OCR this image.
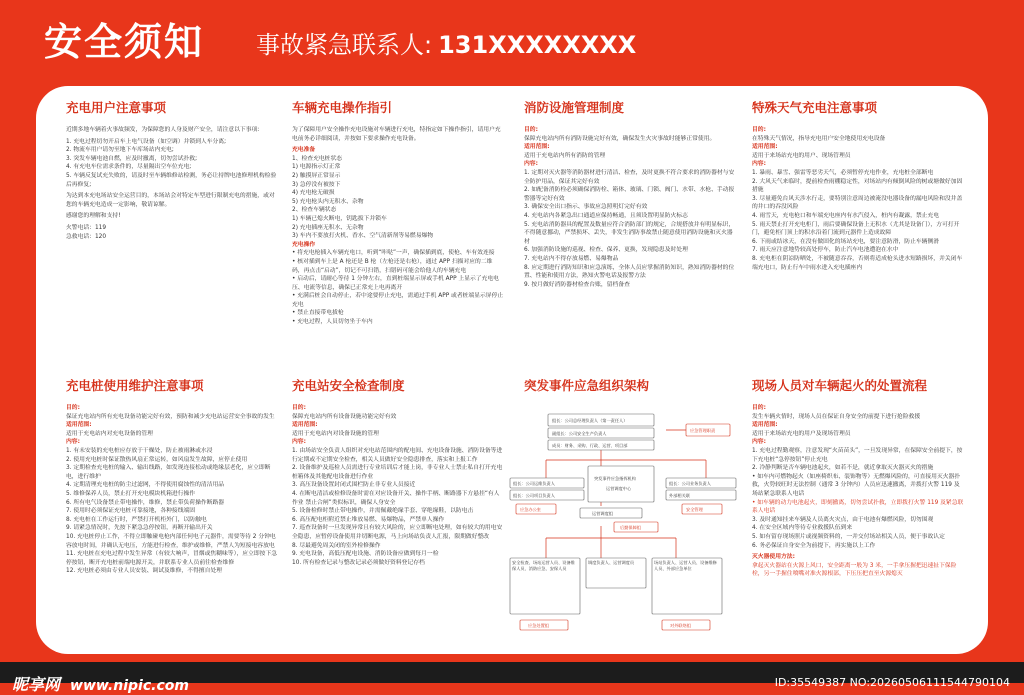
安全须知 事故紧急联系人: 131XXXXXXXX
充电用户注意事项

近期多地车辆着火事故频发，为保障您的人身及财产安全，请注意以下事项:

1. 充电过程切勿开启车上电气设备（如空调）并锁到人车分离;

2. 物流车用户请勿至地下车库场站内充电;

3. 突发车辆电池自燃，应及时撤离，切勿尝试扑救;

4. 有充电车位需求条件的，尽量隔出空车位充电;

5. 车辆反复试充失败的，请及时至车辆维修站检测，务必让持牌电池修理机构检验后再修复;

为达到本充电场站安全运营目的，本场站会对特定车型进行限制充电的措施，或对您的车辆充电造成一定影响，敬请谅解。

感谢您的理解和支持!

火警电话：119

急救电话：120

车辆充电操作指引

为了保障用户安全操作充电设施对车辆进行充电，特指定如下操作指引，请用户充电前务必详细阅读，并按如下要求操作充电设备。

充电准备

1、检查充电桩状态

1) 电源指示灯正常

2) 触摸屏正常显示

3) 急停没有被按下

4) 充电枪无破损

5) 充电枪头内无积水、杂物

2、检查车辆状态

1) 车辆已熄火断电，钥匙拔下并锁车

2) 充电插座无积水、无杂物

3) 车内不要放打火机、香水、空气清新剂等易燃易爆物

充电操作

• 将充电枪插入车辆充电口，听到“咔哒”一声，确保插到底，使枪、车有效连接

• 核对插到车上是 A 枪还是 B 枪（左枪还是右枪），通过 APP 扫描对应的二维码，再点击“启动”，切记不可扫错，扫错码可能会给他人的车辆充电

• 启动后，请耐心等待 1 分钟左右，直到桩端显示屏或手机 APP 上显示了充电电压、电流等信息，确保已正常充上电再离开

• 充满后桩会自动停止，若中途要停止充电，需通过手机 APP 或者桩端显示屏停止充电

• 禁止直接带电拔枪

• 充电过程，人员切勿坐于车内

消防设施管理制度

目的:

保障充电站内所有消防设施完好有效，确保发生火灾事故时能够正常使用。

适用范围:

适用于充电站内所有消防的管理

内容:

1. 定期对灭火器等消防器材进行清洁、检查，及时更换不符合要求的消防器材与安全防护用品，保证其完好有效

2. 如配备消防栓必须确保消防栓、箱体、玻璃、门锁、阀门、水带、水枪、手动报警器等完好有效

3. 确保安全出口指示、事故应急照明灯完好有效

4. 充电站内各紧急出口通道应保持畅通，且须设置明显防火标志

5. 充电站消防器具的配置及数量应符合消防部门的规定，合规搭放并有明显标识，不得随意挪动，严禁损坏、丢失，非发生消防事故禁止随意使用消防设施和灭火器材

6. 加强消防设施的巡视、检查、保养、更换，发现隐患及时处理

7. 充电站内不得存放易燃、易爆物品

8. 应定期进行消防知识和应急演练，全体人员应掌握消防知识，熟知消防器材的位置、性能和使用方法，熟知火警电话及报警方法

9. 按月做好消防器材检查台账，留档备查

特殊天气充电注意事项

目的:

在特殊天气情况，指导充电用户安全地使用充电设备

适用范围:

适用于来场站充电的用户、现场管理员

内容:

1. 暴雨、暴雪、强雷等恶劣天气，必须暂停充电作业，充电桩全部断电

2. 大风天气来临时，提前检查雨棚稳定性，对场站内有倾倒风险的树或塘做好加固措施

3. 尽量避免台风天涉水行走，要特别注意周边被淹没电器设备的漏电风险和没井盖的井口的吞没风险

4. 雨雪天，充电枪口和车端充电座内有水汽侵入，桩内有凝露，禁止充电

5. 雨天禁止打开充电柜门，雨后要确保设备上无积水（尤其是设备门），方可打开门，避免柜门顶上的积水沿着门流到元器件上造成故障

6. 下雨或结冰天，在没有做固化的场站充电，要注意防滑，防止车辆侧滑

7. 雨天应注意地势较高处停车，防止汽车电池遭泡在水中

8. 充电柜在阴凉防晒处，不被随意吞吞，否则将适成枪头进水短路损坏，并关闭车端充电口，防止行车中雨水进入充电插座内

充电桩使用维护注意事项

目的:

保证充电站内所有充电设备功能完好有效，预防和减少充电站运营安全事故的发生

适用范围:

适用于充电站内对充电设备的管理

内容:

1. 有未安装的充电桩应存放于干燥处，防止被雨淋或水浸

2. 使用充电桩时保证散热风扇正常运转，如风扇发生故障，应停止使用

3. 定期检查充电桩的输入、输出线路，如发现连接松动或绝缘层老化，应立即断电，进行维护

4. 定期清理充电桩的防尘过滤网，不得使用腐蚀性的清洁用品

5. 维修保养人员，禁止打开充电模块机箱进行操作

6. 所有电气设备禁止带电操作，维修，禁止带负荷操作断路器

7. 使用时必须保证充电桩可靠接地，各种接线端固

8. 充电桩在工作运行时，严禁打开机柜外门，以防触电

9. 请紧急情况时，先按下紧急急停按钮，再断开输出开关

10. 充电桩停止工作，不得立即触碰电枪内部任何电子元器件，需要等待 2 分钟电容放电时间，并确认无电压，方能进行检查，维护或维修，严禁人为短接电容放电

11. 充电桩在充电过程中发生异常（有较大响声，冒烟或焦糊味等），应立即按下急停按钮，断开充电桩前端电源开关，并联系专业人员前往检查维修

12. 充电桩必须由专业人员安装、调试及维修，不得擅自处理

充电站安全检查制度

目的:

保障充电站内所有设备设施功能完好有效

适用范围:

适用于充电站内对设备设施的管理

内容:

1. 由场站安全负责人组织对充电站范围内的配电间、充电设备设施、消防设备等进行定期或不定期安全检查，相关人员做好安全隐患排查，落实和上报工作

2. 设备维护及巡检人员需进行专业培训后才能上岗，非专业人士禁止私自打开充电桩箱体及其他配电设备进行作业

3. 高压设备设置封闭式围栏防止非专业人员接近

4. 在断电清洁或检修设备时需在对应设备开关、操作手柄、断路器下方悬挂“有人作业 禁止合闸”类似标识，确保人身安全

5. 设备检修时禁止带电操作，并需佩戴绝缘手套、穿绝缘鞋，以防电击

6. 高压配电柜附近禁止堆放易燃、易爆物品，严禁单人操作

7. 巡查设备时一旦发现异常且有较大风险的，应立即断电处理，如有较大的用电安全隐患，应暂停设备使用并切断电源，马上向场站负责人汇报，限期做好整改

8. 尽最避免周关闭的室外检修操作

9. 充电设备，高低压配电设施、消防设备应做到每月一检

10. 所有检查记录与整改记录必须做好资料登记存档

突发事件应急组织架构
组长：公司总经理负责人（第一责任人）
副组长：公司安全生产负责人
成员：财务、采购、行政、运营、项目部
应急管理职责
组长：公司运维负责人
组长：公司项目负责人
应急办公室
组长：公司业务负责人
外部相关联
安全管理
突发事件应急指挥机构
运营调度中心
运营调度组
后勤保障组
安全检查、场站运营人员、设备维保人员、消防应急、安保人员
调度负责人、运营调度员	场站负责人、运营人员、设备维修人员、外部应急单位
应急处置组	对外联络组
现场人员对车辆起火的处置流程

目的:

发生车辆火情时，现场人员在保证自身安全的前提下进行抢险救援

适用范围:

适用于来场站充电的用户及现场管理员

内容:

1. 充电过程勤观察，注意发现“火苗苗头”，一旦发现异常，在保障安全前提下，按下充电桩“急停按钮”停止充电

2. 冷静判断是否车辆电池起火，如若不是，就近拿取灭火器灭火的措施

• 如车内可燃物起火（如座椅织布、装饰物等）无燃爆风险的，可直接用灭火器扑救，火势较旺时无法控制（通常 3 分钟内）人员应迅速撤离，并拨打火警 119 及场站紧急联系人电话

• 如车辆的动力电池起火，即刻撤离，切勿尝试扑救，立即拨打火警 119 及紧急联系人电话

3. 及时通知挂来车辆及人员离火灾点，由于电池有爆燃风险，切勿围观

4. 在安全区域内等待专业救援队伍到来

5. 如有留存现场照片或视频资料的，一并交付场站相关人员，便于事故认定

6. 务必保证自身安全为前提下，再实施以上工作

灭火器使用方法:

拿起灭火器站在火源上风口，安全距离一般为 3 米，一手拿压握把迅速扯下保险栓，另一手握住喷嘴对准火源根部，下压压把直至火源熄灭

昵享网 www.nipic.com	ID:35549387 NO:20260506111544790104
